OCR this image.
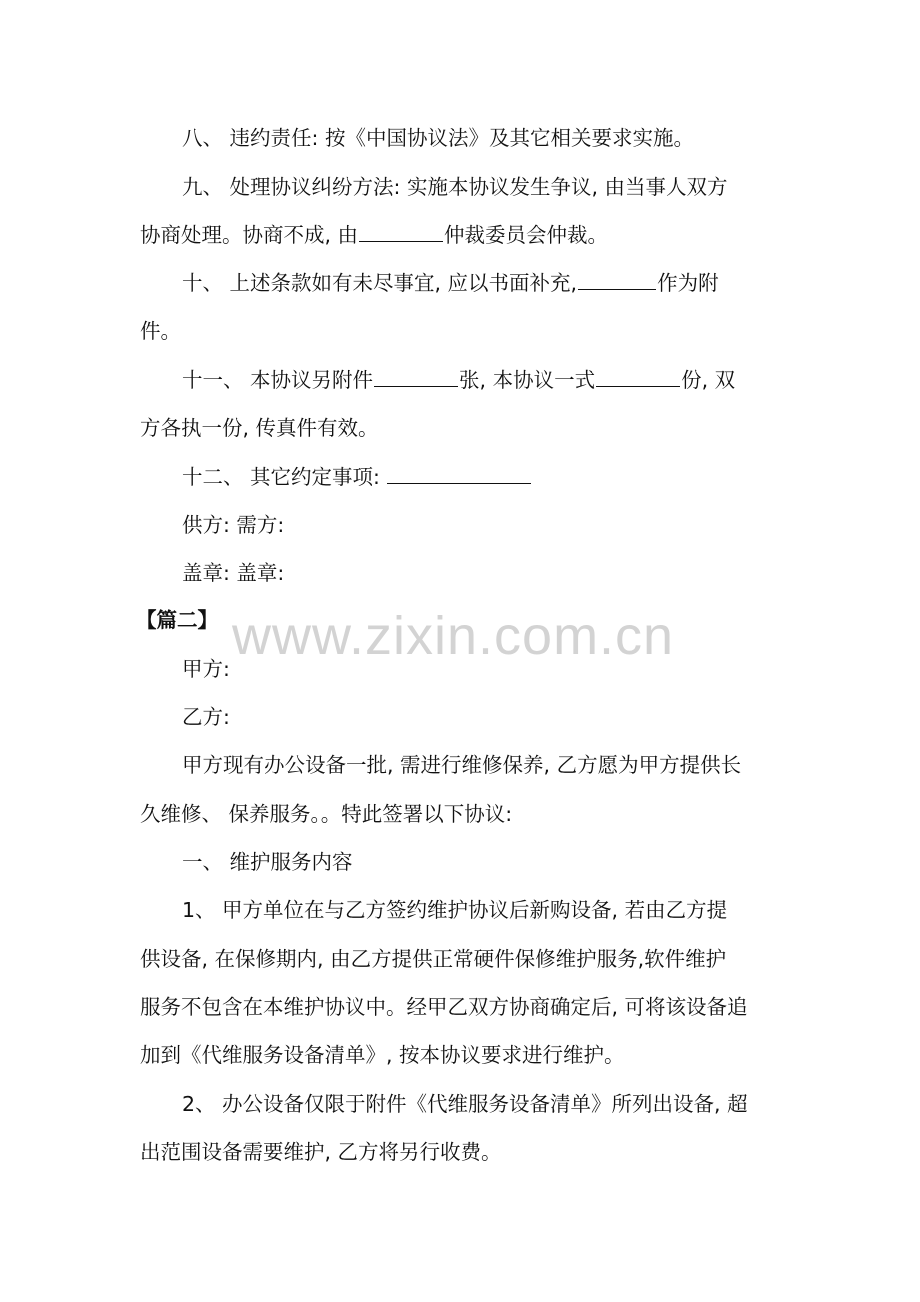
八、 违约责任: 按《中国协议法》及其它相关要求实施。
九、 处理协议纠纷方法: 实施本协议发生争议, 由当事人双方
协商处理。协商不成, 由	仲裁委员会仲裁。
十、 上述条款如有未尽事宜, 应以书面补充,	作为附
件。
十一、 本协议另附件	张, 本协议一式	份, 双
方各执一份, 传真件有效。
十二、 其它约定事项:
供方: 需方:
盖章: 盖章:
【篇二】
甲方:
乙方:
甲方现有办公设备一批, 需进行维修保养, 乙方愿为甲方提供长
久维修、 保养服务。。特此签署以下协议:
一、 维护服务内容
1、 甲方单位在与乙方签约维护协议后新购设备, 若由乙方提
供设备, 在保修期内, 由乙方提供正常硬件保修维护服务,软件维护
服务不包含在本维护协议中。经甲乙双方协商确定后, 可将该设备追
加到《代维服务设备清单》, 按本协议要求进行维护。
2、 办公设备仅限于附件《代维服务设备清单》所列出设备, 超
出范围设备需要维护, 乙方将另行收费。
www.zixin.com.cn
